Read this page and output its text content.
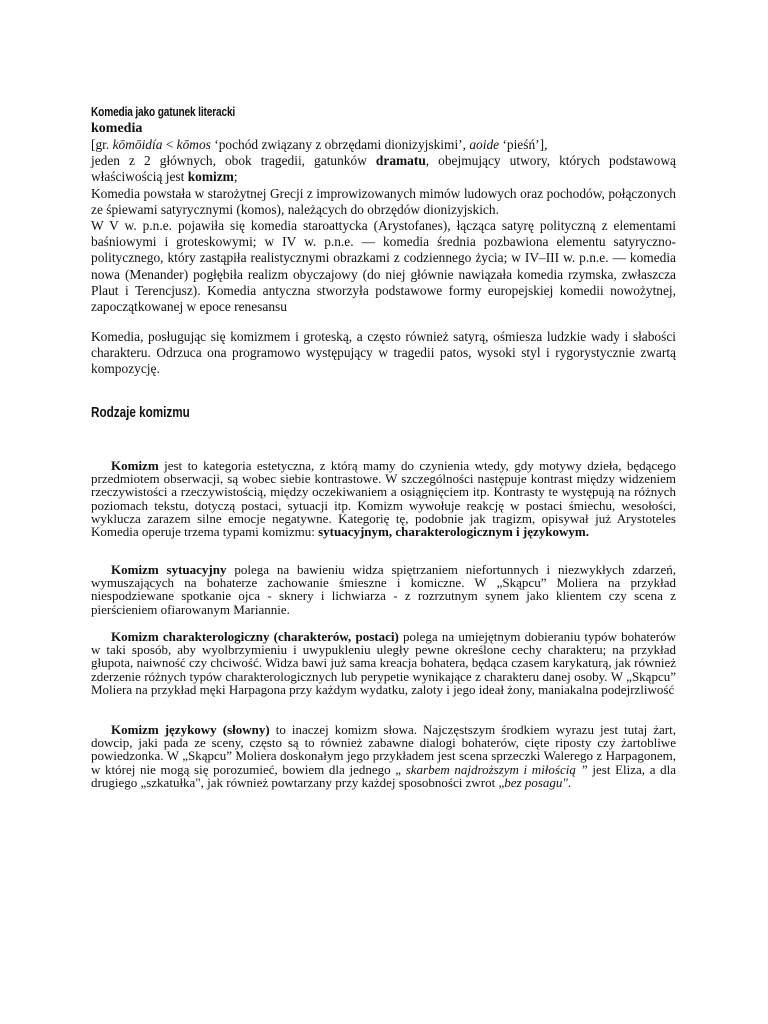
Komedia jako gatunek literacki
komedia

[gr. kōmōidía < kōmos ‘pochód związany z obrzędami dionizyjskimi’, aoide ‘pieśń’],

jeden z 2 głównych, obok tragedii, gatunków dramatu, obejmujący utwory, których podstawową właściwością jest komizm;

Komedia powstała w starożytnej Grecji z improwizowanych mimów ludowych oraz pochodów, połączonych ze śpiewami satyrycznymi (komos), należących do obrzędów dionizyjskich.

W V w. p.n.e. pojawiła się komedia staroattycka (Arystofanes), łącząca satyrę polityczną z elementami baśniowymi i groteskowymi; w IV w. p.n.e. — komedia średnia pozbawiona elementu satyryczno-politycznego, który zastąpiła realistycznymi obrazkami z codziennego życia; w IV–III w. p.n.e. — komedia nowa (Menander) pogłębiła realizm obyczajowy (do niej głównie nawiązała komedia rzymska, zwłaszcza Plaut i Terencjusz). Komedia antyczna stworzyła podstawowe formy europejskiej komedii nowożytnej, zapoczątkowanej w epoce renesansu

Komedia, posługując się komizmem i groteską, a często również satyrą, ośmiesza ludzkie wady i słabości charakteru. Odrzuca ona programowo występujący w tragedii patos, wysoki styl i rygorystycznie zwartą kompozycję.

Rodzaje komizmu

Komizm jest to kategoria estetyczna, z którą mamy do czynienia wtedy, gdy motywy dzieła, będącego przedmiotem obserwacji, są wobec siebie kontrastowe. W szczególności następuje kontrast między widzeniem rzeczywistości a rzeczywistością, między oczekiwaniem a osiągnięciem itp. Kontrasty te występują na różnych poziomach tekstu, dotyczą postaci, sytuacji itp. Komizm wywołuje reakcję w postaci śmiechu, wesołości, wyklucza zarazem silne emocje negatywne. Kategorię tę, podobnie jak tragizm, opisywał już Arystoteles Komedia operuje trzema typami komizmu: sytuacyjnym, charakterologicznym i językowym.

Komizm sytuacyjny polega na bawieniu widza spiętrzaniem niefortunnych i niezwykłych zdarzeń, wymuszających na bohaterze zachowanie śmieszne i komiczne. W „Skąpcu” Moliera na przykład niespodziewane spotkanie ojca - sknery i lichwiarza - z rozrzutnym synem jako klientem czy scena z pierścieniem ofiarowanym Mariannie.

Komizm charakterologiczny (charakterów, postaci) polega na umiejętnym dobieraniu typów bohaterów w taki sposób, aby wyolbrzymieniu i uwypukleniu uległy pewne określone cechy charakteru; na przykład głupota, naiwność czy chciwość. Widza bawi już sama kreacja bohatera, będąca czasem karykaturą, jak również zderzenie różnych typów charakterologicznych lub perypetie wynikające z charakteru danej osoby. W „Skąpcu” Moliera na przykład męki Harpagona przy każdym wydatku, zaloty i jego ideał żony, maniakalna podejrzliwość

Komizm językowy (słowny) to inaczej komizm słowa. Najczęstszym środkiem wyrazu jest tutaj żart, dowcip, jaki pada ze sceny, często są to również zabawne dialogi bohaterów, cięte riposty czy żartobliwe powiedzonka. W „Skąpcu” Moliera doskonałym jego przykładem jest scena sprzeczki Walerego z Harpagonem, w której nie mogą się porozumieć, bowiem dla jednego „ skarbem najdroższym i miłością ” jest Eliza, a dla drugiego „szkatułka", jak również powtarzany przy każdej sposobności zwrot „bez posagu".
